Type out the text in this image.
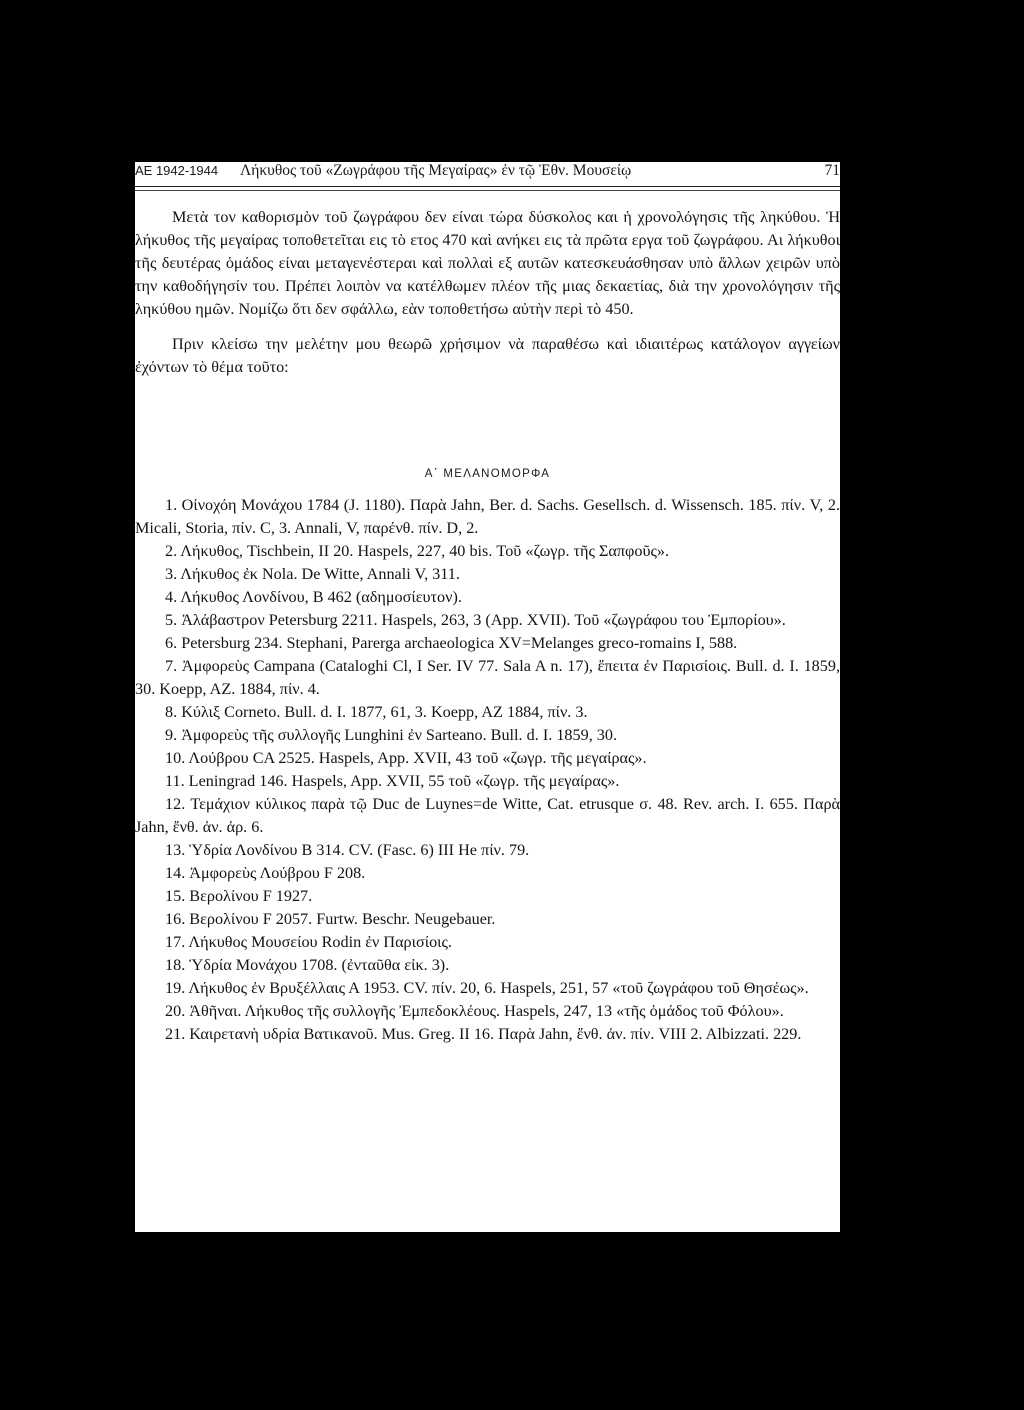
ΑΕ 1942-1944 Λήκυθος τοῦ «Ζωγράφου τῆς Μεγαίρας» ἐν τῷ Ἐθν. Μουσείῳ	71

Μετὰ τον καθορισμὸν τοῦ ζωγράφου δεν είναι τώρα δύσκολος και ἡ χρονολόγησις τῆς ληκύθου. Ἡ λήκυθος τῆς μεγαίρας τοποθετεῖται εις τὸ ετος 470 καὶ ανήκει εις τὰ πρῶτα εργα τοῦ ζωγράφου. Αι λήκυθοι τῆς δευτέρας ὁμάδος είναι μεταγενέστεραι καὶ πολλαὶ εξ αυτῶν κατεσκευάσθησαν υπὸ ἄλλων χειρῶν υπὸ την καθοδήγησίν του. Πρέπει λοιπὸν να κατέλθωμεν πλέον τῆς μιας δεκαετίας, διὰ την χρονολόγησιν τῆς ληκύθου ημῶν. Νομίζω ὅτι δεν σφάλλω, εὰν τοποθετήσω αὐτὴν περὶ τὸ 450.

Πριν κλείσω την μελέτην μου θεωρῶ χρήσιμον νὰ παραθέσω καὶ ιδιαιτέρως κατάλογον αγγείων ἐχόντων τὸ θέμα τοῦτο:

Α΄ ΜΕΛΑΝΟΜΟΡΦΑ

1. Οἰνοχόη Μονάχου 1784 (J. 1180). Παρὰ Jahn, Ber. d. Sachs. Gesellsch. d. Wissensch. 185. πίν. V, 2. Micali, Storia, πίν. C, 3. Annali, V, παρένθ. πίν. D, 2.

2. Λήκυθος, Tischbein, II 20. Haspels, 227, 40 bis. Τοῦ «ζωγρ. τῆς Σαπφοῦς».

3. Λήκυθος ἐκ Nola. De Witte, Annali V, 311.

4. Λήκυθος Λονδίνου, Β 462 (αδημοσίευτον).

5. Ἀλάβαστρον Petersburg 2211. Haspels, 263, 3 (App. XVII). Τοῦ «ζωγράφου του Ἐμπορίου».

6. Petersburg 234. Stephani, Parerga archaeologica XV=Melanges greco-romains I, 588.

7. Ἀμφορεὺς Campana (Cataloghi Cl, I Ser. IV 77. Sala A n. 17), ἔπειτα ἐν Παρισίοις. Bull. d. I. 1859, 30. Koepp, AZ. 1884, πίν. 4.

8. Κύλιξ Corneto. Bull. d. I. 1877, 61, 3. Koepp, AZ 1884, πίν. 3.

9. Ἀμφορεὺς τῆς συλλογῆς Lunghini ἐν Sarteano. Bull. d. I. 1859, 30.

10. Λούβρου CA 2525. Haspels, App. XVII, 43 τοῦ «ζωγρ. τῆς μεγαίρας».

11. Leningrad 146. Haspels, App. XVII, 55 τοῦ «ζωγρ. τῆς μεγαίρας».

12. Τεμάχιον κύλικος παρὰ τῷ Duc de Luynes=de Witte, Cat. etrusque σ. 48. Rev. arch. I. 655. Παρὰ Jahn, ἔνθ. ἀν. ἀρ. 6.

13. Ὑδρία Λονδίνου Β 314. CV. (Fasc. 6) III He πίν. 79.

14. Ἀμφορεὺς Λούβρου F 208.

15. Βερολίνου F 1927.

16. Βερολίνου F 2057. Furtw. Beschr. Neugebauer.

17. Λήκυθος Μουσείου Rodin ἐν Παρισίοις.

18. Ὑδρία Μονάχου 1708. (ἐνταῦθα εἰκ. 3).

19. Λήκυθος ἐν Βρυξέλλαις Α 1953. CV. πίν. 20, 6. Haspels, 251, 57 «τοῦ ζωγράφου τοῦ Θησέως».

20. Ἀθῆναι. Λήκυθος τῆς συλλογῆς Ἐμπεδοκλέους. Haspels, 247, 13 «τῆς ὁμάδος τοῦ Φόλου».

21. Καιρετανὴ υδρία Βατικανοῦ. Mus. Greg. II 16. Παρὰ Jahn, ἔνθ. ἀν. πίν. VIII 2. Albizzati. 229.
